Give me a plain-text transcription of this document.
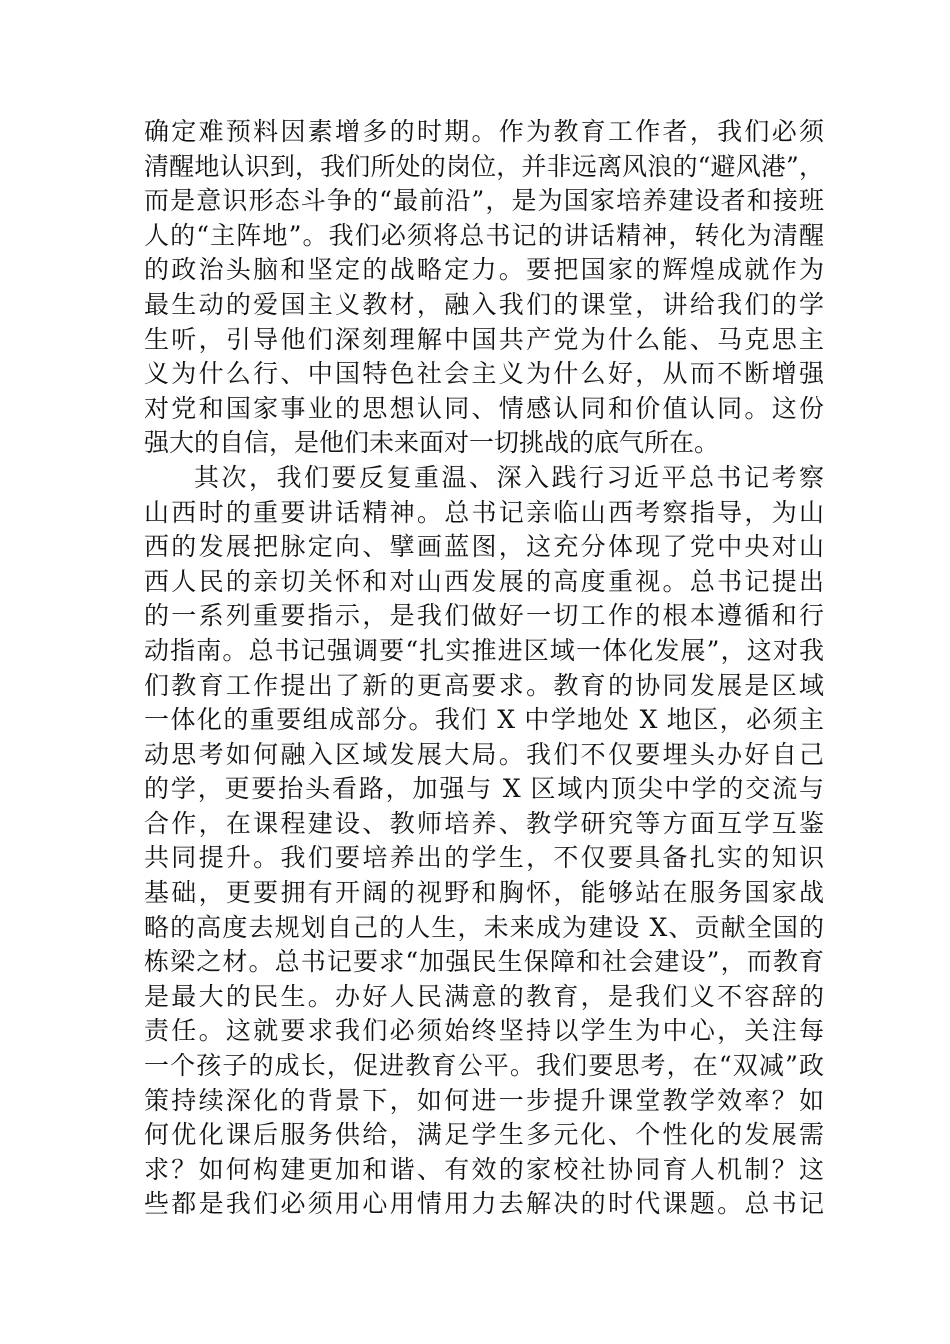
确定难预料因素增多的时期。作为教育工作者，我们必须
清醒地认识到，我们所处的岗位，并非远离风浪的“避风港”，
而是意识形态斗争的“最前沿”，是为国家培养建设者和接班
人的“主阵地”。我们必须将总书记的讲话精神，转化为清醒
的政治头脑和坚定的战略定力。要把国家的辉煌成就作为
最生动的爱国主义教材，融入我们的课堂，讲给我们的学
生听，引导他们深刻理解中国共产党为什么能、马克思主
义为什么行、中国特色社会主义为什么好，从而不断增强
对党和国家事业的思想认同、情感认同和价值认同。这份
强大的自信，是他们未来面对一切挑战的底气所在。
其次，我们要反复重温、深入践行习近平总书记考察
山西时的重要讲话精神。总书记亲临山西考察指导，为山
西的发展把脉定向、擘画蓝图，这充分体现了党中央对山
西人民的亲切关怀和对山西发展的高度重视。总书记提出
的一系列重要指示，是我们做好一切工作的根本遵循和行
动指南。总书记强调要“扎实推进区域一体化发展”，这对我
们教育工作提出了新的更高要求。教育的协同发展是区域
一体化的重要组成部分。我们 X 中学地处 X 地区，必须主
动思考如何融入区域发展大局。我们不仅要埋头办好自己
的学，更要抬头看路，加强与 X 区域内顶尖中学的交流与
合作，在课程建设、教师培养、教学研究等方面互学互鉴
共同提升。我们要培养出的学生，不仅要具备扎实的知识
基础，更要拥有开阔的视野和胸怀，能够站在服务国家战
略的高度去规划自己的人生，未来成为建设 X、贡献全国的
栋梁之材。总书记要求“加强民生保障和社会建设”，而教育
是最大的民生。办好人民满意的教育，是我们义不容辞的
责任。这就要求我们必须始终坚持以学生为中心，关注每
一个孩子的成长，促进教育公平。我们要思考，在“双减”政
策持续深化的背景下，如何进一步提升课堂教学效率？如
何优化课后服务供给，满足学生多元化、个性化的发展需
求？如何构建更加和谐、有效的家校社协同育人机制？这
些都是我们必须用心用情用力去解决的时代课题。总书记
